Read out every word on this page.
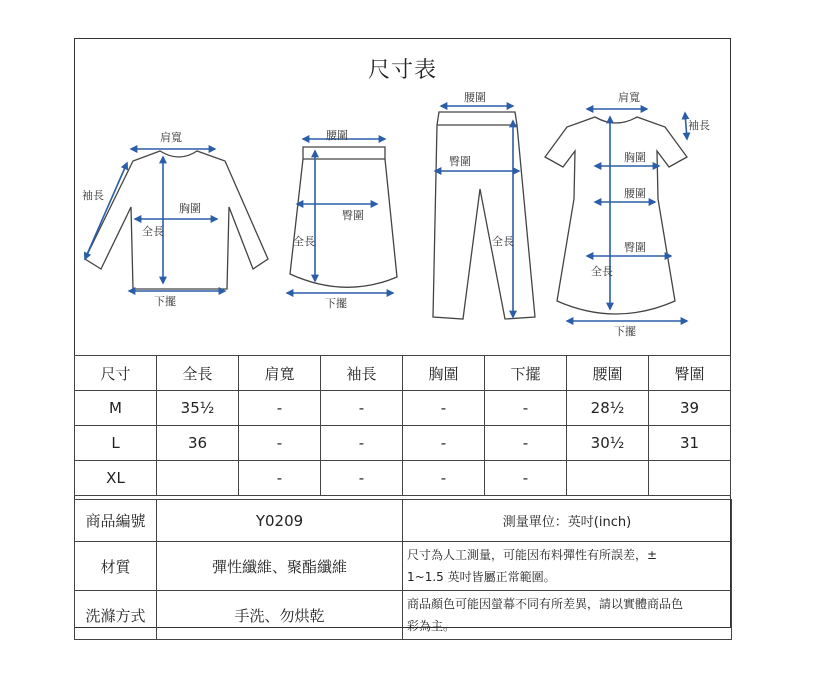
尺寸表
肩寬
袖長
胸圍
全長
下擺
腰圍
臀圍
全長
下擺
腰圍
臀圍
全長
肩寬
袖長
胸圍
腰圍
臀圍
全長
下擺
尺寸	全長	肩寬	袖長	胸圍	下擺	腰圍	臀圍
M	35½	-	-	-	-	28½	39
L	36	-	-	-	-	30½	31
XL		-	-	-	-		
商品編號	Y0209	測量單位：英吋(inch)
材質	彈性纖維、聚酯纖維	尺寸為人工測量，可能因布料彈性有所誤差，±
1~1.5 英吋皆屬正常範圍。

洗滌方式	手洗、勿烘乾	商品顏色可能因螢幕不同有所差異，請以實體商品色
彩為主。
